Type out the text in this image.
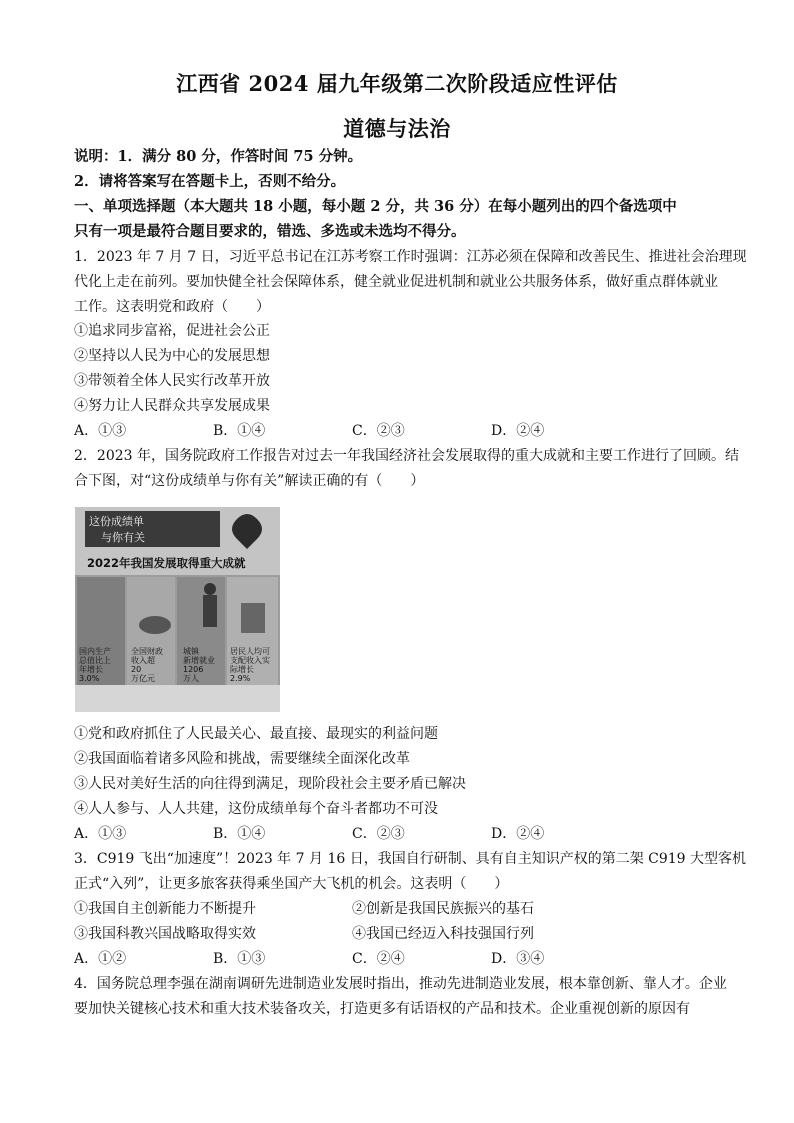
江西省 2024 届九年级第二次阶段适应性评估
道德与法治
说明：1．满分 80 分，作答时间 75 分钟。
2．请将答案写在答题卡上，否则不给分。
一、单项选择题（本大题共 18 小题，每小题 2 分，共 36 分）在每小题列出的四个备选项中
只有一项是最符合题目要求的，错选、多选或未选均不得分。
1．2023 年 7 月 7 日，习近平总书记在江苏考察工作时强调：江苏必须在保障和改善民生、推进社会治理现
代化上走在前列。要加快健全社会保障体系，健全就业促进机制和就业公共服务体系，做好重点群体就业
工作。这表明党和政府（　　）
①追求同步富裕，促进社会公正
②坚持以人民为中心的发展思想
③带领着全体人民实行改革开放
④努力让人民群众共享发展成果
A．①③	B．①④	C．②③	D．②④
2．2023 年，国务院政府工作报告对过去一年我国经济社会发展取得的重大成就和主要工作进行了回顾。结
合下图，对“这份成绩单与你有关”解读正确的有（　　）
这份成绩单
与你有关
2022年我国发展取得重大成就
国内生产
总值比上
年增长
3.0%
全国财政
收入超
20
万亿元
城镇
新增就业
1206
万人
居民人均可
支配收入实
际增长
2.9%
①党和政府抓住了人民最关心、最直接、最现实的利益问题
②我国面临着诸多风险和挑战，需要继续全面深化改革
③人民对美好生活的向往得到满足，现阶段社会主要矛盾已解决
④人人参与、人人共建，这份成绩单每个奋斗者都功不可没
A．①③	B．①④	C．②③	D．②④
3．C919 飞出“加速度”！2023 年 7 月 16 日，我国自行研制、具有自主知识产权的第二架 C919 大型客机
正式“入列”，让更多旅客获得乘坐国产大飞机的机会。这表明（　　）
①我国自主创新能力不断提升	②创新是我国民族振兴的基石
③我国科教兴国战略取得实效	④我国已经迈入科技强国行列
A．①②	B．①③	C．②④	D．③④
4．国务院总理李强在湖南调研先进制造业发展时指出，推动先进制造业发展，根本靠创新、靠人才。企业
要加快关键核心技术和重大技术装备攻关，打造更多有话语权的产品和技术。企业重视创新的原因有
